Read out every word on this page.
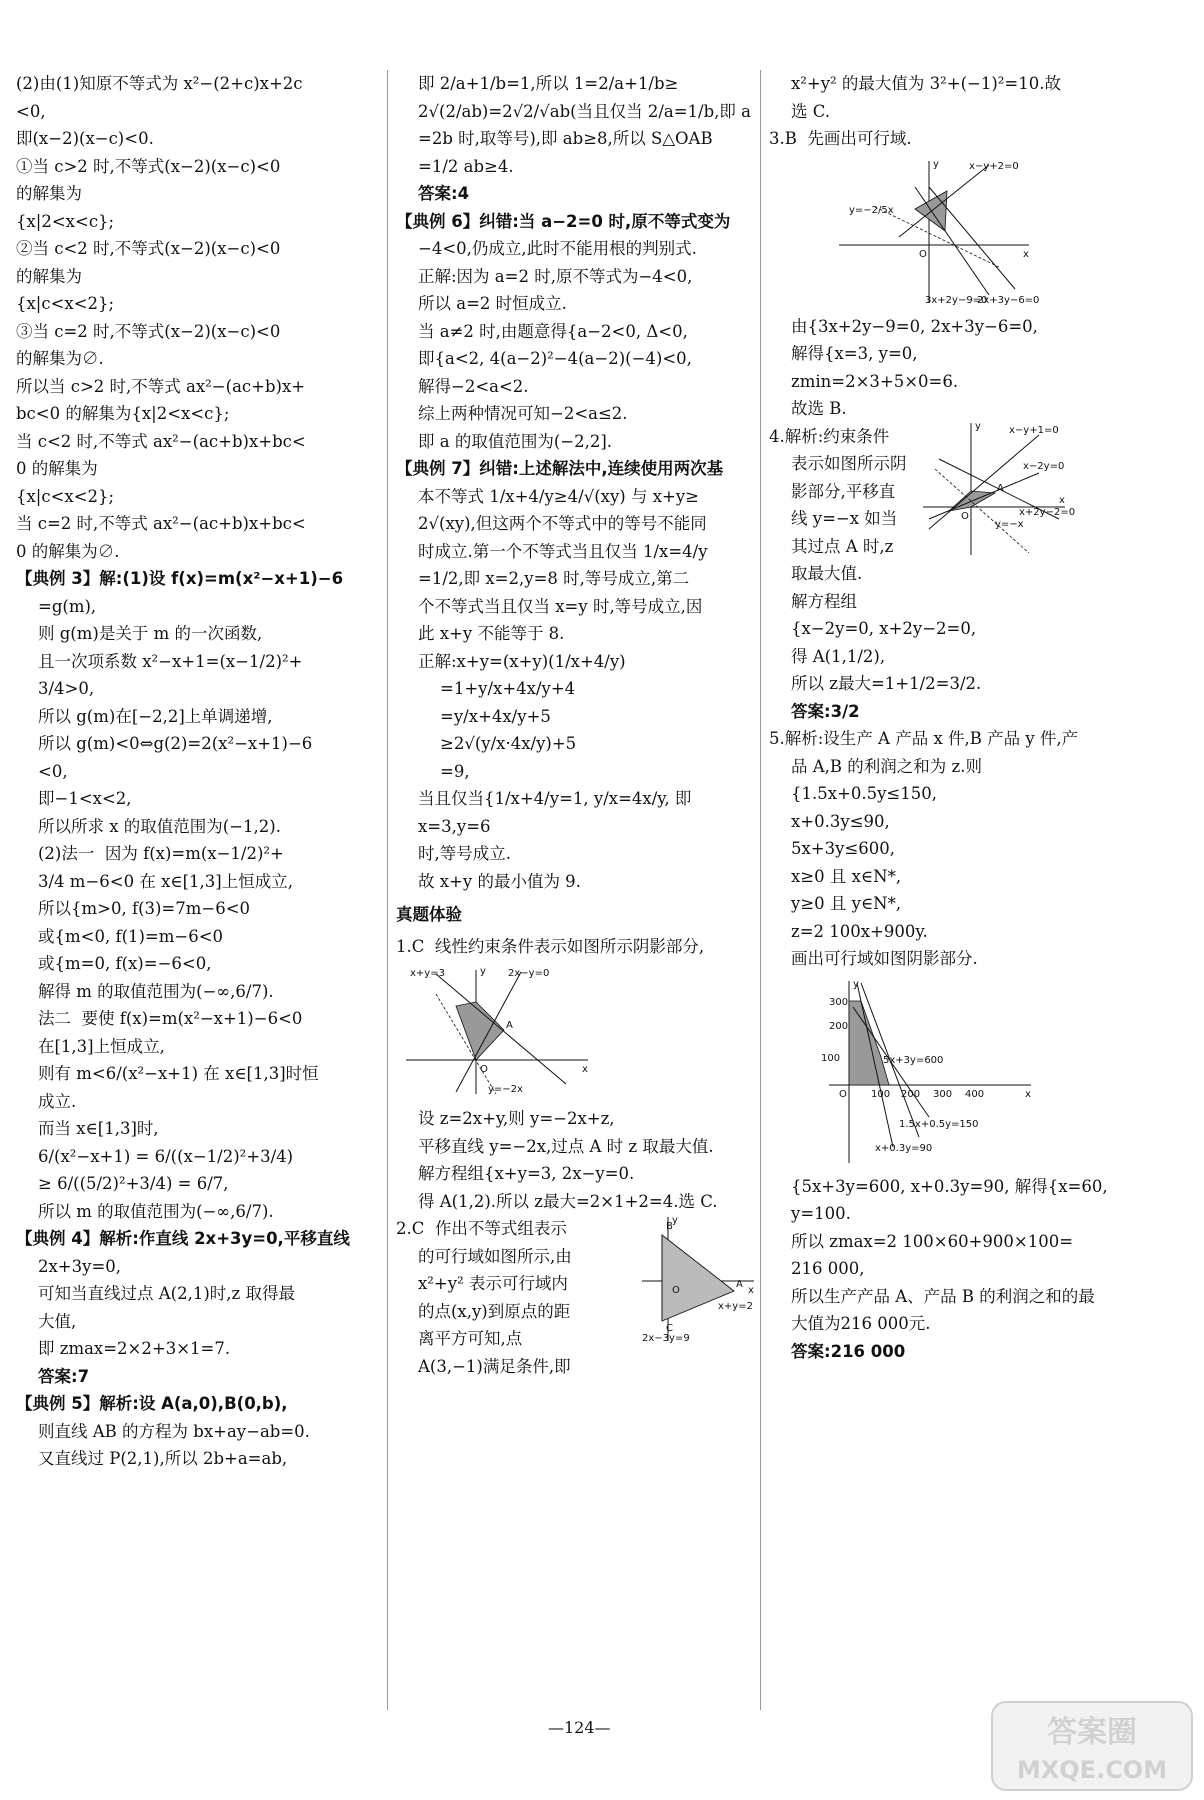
(2)由(1)知原不等式为 x²−(2+c)x+2c

<0,

即(x−2)(x−c)<0.

①当 c>2 时,不等式(x−2)(x−c)<0

的解集为

{x|2<x<c};

②当 c<2 时,不等式(x−2)(x−c)<0

的解集为

{x|c<x<2};

③当 c=2 时,不等式(x−2)(x−c)<0

的解集为∅.

所以当 c>2 时,不等式 ax²−(ac+b)x+

bc<0 的解集为{x|2<x<c};

当 c<2 时,不等式 ax²−(ac+b)x+bc<

0 的解集为

{x|c<x<2};

当 c=2 时,不等式 ax²−(ac+b)x+bc<

0 的解集为∅.

【典例 3】解:(1)设 f(x)=m(x²−x+1)−6

=g(m),

则 g(m)是关于 m 的一次函数,

且一次项系数 x²−x+1=(x−1/2)²+

3/4>0,

所以 g(m)在[−2,2]上单调递增,

所以 g(m)<0⇔g(2)=2(x²−x+1)−6

<0,

即−1<x<2,

所以所求 x 的取值范围为(−1,2).

(2)法一  因为 f(x)=m(x−1/2)²+

3/4 m−6<0 在 x∈[1,3]上恒成立,

所以{m>0, f(3)=7m−6<0

或{m<0, f(1)=m−6<0

或{m=0, f(x)=−6<0,

解得 m 的取值范围为(−∞,6/7).

法二  要使 f(x)=m(x²−x+1)−6<0

在[1,3]上恒成立,

则有 m<6/(x²−x+1) 在 x∈[1,3]时恒

成立.

而当 x∈[1,3]时,

6/(x²−x+1) = 6/((x−1/2)²+3/4)

≥ 6/((5/2)²+3/4) = 6/7,

所以 m 的取值范围为(−∞,6/7).

【典例 4】解析:作直线 2x+3y=0,平移直线

2x+3y=0,

可知当直线过点 A(2,1)时,z 取得最

大值,

即 zmax=2×2+3×1=7.

答案:7

【典例 5】解析:设 A(a,0),B(0,b),

则直线 AB 的方程为 bx+ay−ab=0.

又直线过 P(2,1),所以 2b+a=ab,

即 2/a+1/b=1,所以 1=2/a+1/b≥

2√(2/ab)=2√2/√ab(当且仅当 2/a=1/b,即 a

=2b 时,取等号),即 ab≥8,所以 S△OAB

=1/2 ab≥4.

答案:4

【典例 6】纠错:当 a−2=0 时,原不等式变为

−4<0,仍成立,此时不能用根的判别式.

正解:因为 a=2 时,原不等式为−4<0,

所以 a=2 时恒成立.

当 a≠2 时,由题意得{a−2<0, Δ<0,

即{a<2, 4(a−2)²−4(a−2)(−4)<0,

解得−2<a<2.

综上两种情况可知−2<a≤2.

即 a 的取值范围为(−2,2].

【典例 7】纠错:上述解法中,连续使用两次基

本不等式 1/x+4/y≥4/√(xy) 与 x+y≥

2√(xy),但这两个不等式中的等号不能同

时成立.第一个不等式当且仅当 1/x=4/y

=1/2,即 x=2,y=8 时,等号成立,第二

个不等式当且仅当 x=y 时,等号成立,因

此 x+y 不能等于 8.

正解:x+y=(x+y)(1/x+4/y)

=1+y/x+4x/y+4

=y/x+4x/y+5

≥2√(y/x·4x/y)+5

=9,

当且仅当{1/x+4/y=1, y/x=4x/y, 即 x=3,y=6

时,等号成立.

故 x+y 的最小值为 9.

真题体验

1.C  线性约束条件表示如图所示阴影部分,

x+y=3	2x−y=0
A
O	x
y
y=−2x

设 z=2x+y,则 y=−2x+z,

平移直线 y=−2x,过点 A 时 z 取最大值.

解方程组{x+y=3, 2x−y=0.

得 A(1,2).所以 z最大=2×1+2=4.选 C.

2.C  作出不等式组表示

的可行域如图所示,由

x²+y² 表示可行域内

的点(x,y)到原点的距

离平方可知,点

A(3,−1)满足条件,即

B
A
C
O	x
y
x+y=2
2x−3y=9

x²+y² 的最大值为 3²+(−1)²=10.故

选 C.

3.B  先画出可行域.

x−y+2=0
y=−2/5x
O	x
y
3x+2y−9=0
2x+3y−6=0

由{3x+2y−9=0, 2x+3y−6=0,

解得{x=3, y=0,

zmin=2×3+5×0=6.

故选 B.

4.解析:约束条件

表示如图所示阴

影部分,平移直

线 y=−x 如当

其过点 A 时,z

取最大值.

x−y+1=0
x−2y=0
A
O
x
y
y=−x
x+2y−2=0

解方程组

{x−2y=0, x+2y−2=0,

得 A(1,1/2),

所以 z最大=1+1/2=3/2.

答案:3/2

5.解析:设生产 A 产品 x 件,B 产品 y 件,产

品 A,B 的利润之和为 z.则

{1.5x+0.5y≤150,

x+0.3y≤90,

5x+3y≤600,

x≥0 且 x∈N*,

y≥0 且 y∈N*,

z=2 100x+900y.

画出可行域如图阴影部分.

300
200
100
100 200 300 400
O	x
y
5x+3y=600
1.5x+0.5y=150
x+0.3y=90

{5x+3y=600, x+0.3y=90, 解得{x=60, y=100.

所以 zmax=2 100×60+900×100=

216 000,

所以生产产品 A、产品 B 的利润之和的最

大值为216 000元.

答案:216 000

—124—	答案圈
MXQE.COM
